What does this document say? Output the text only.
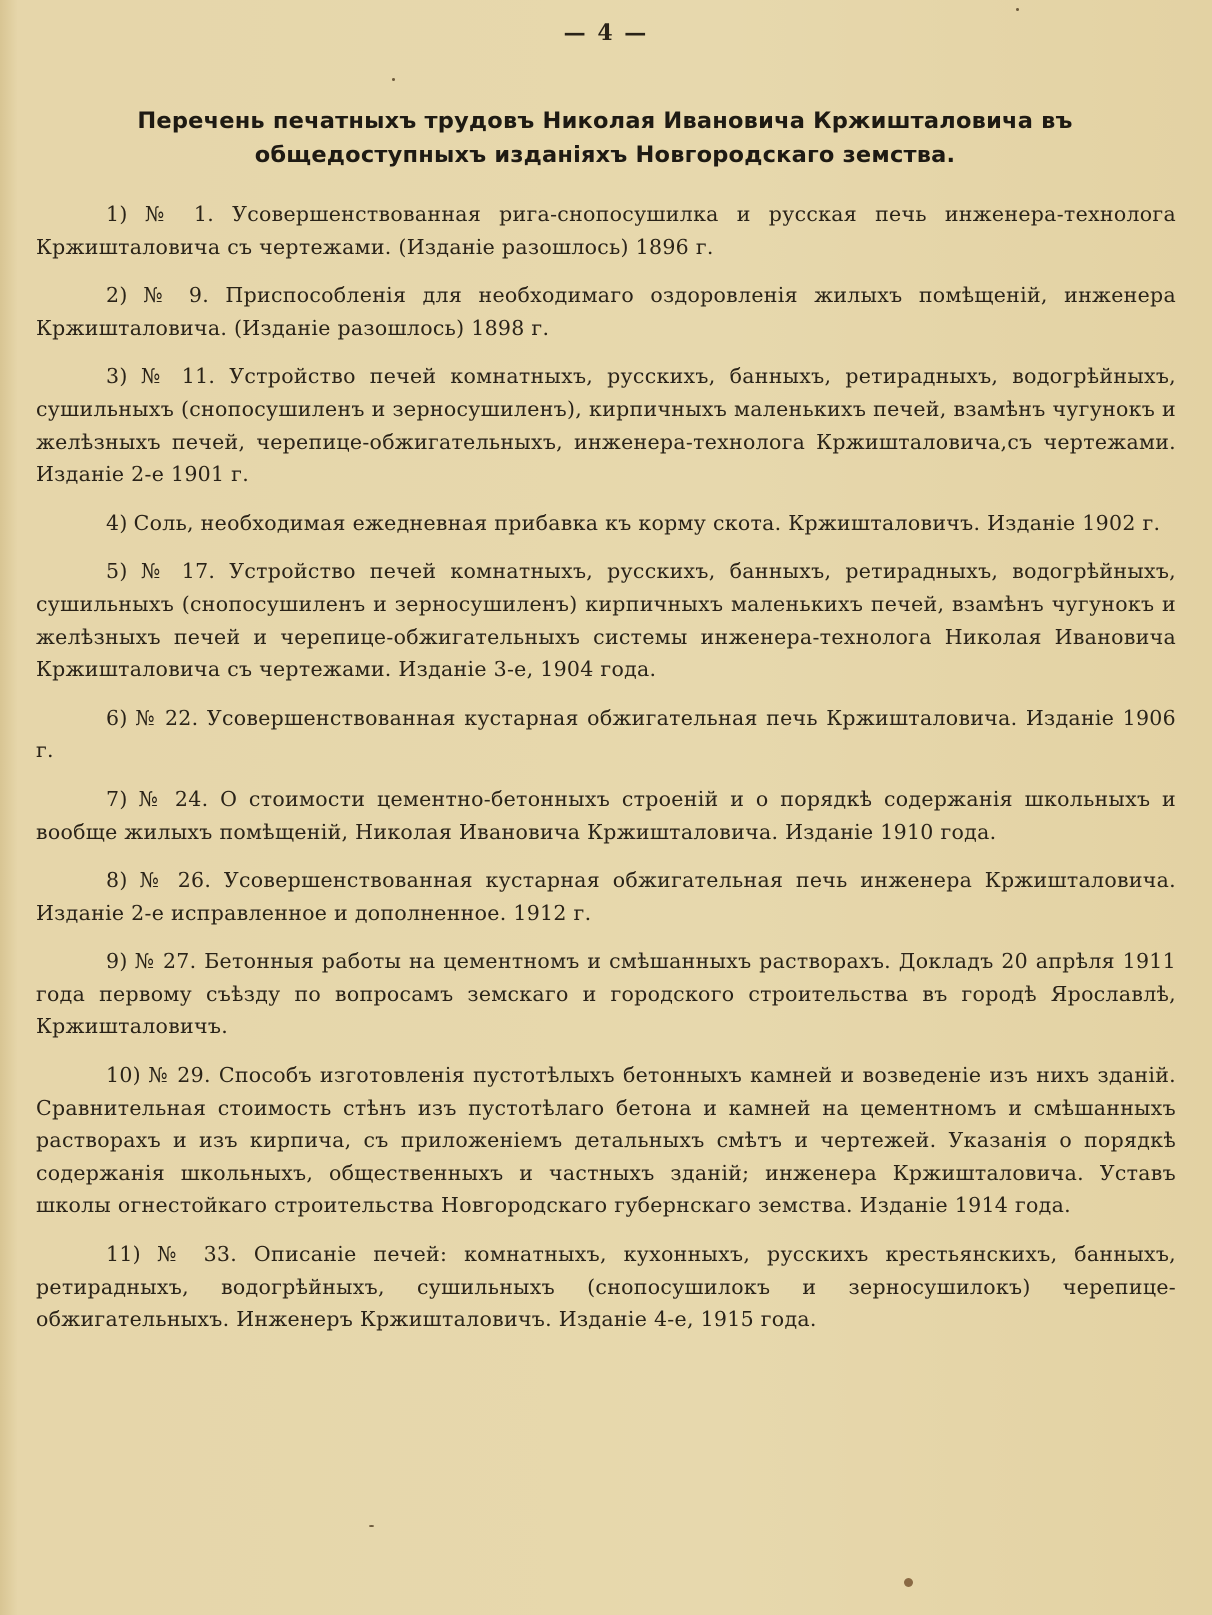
— 4 —
Перечень печатныхъ трудовъ Николая Ивановича Кржишталовича въ общедоступныхъ изданіяхъ Новгородскаго земства.

1) № 1. Усовершенствованная рига-снопосушилка и русская печь инженера-технолога Кржишталовича съ чертежами. (Изданіе разошлось) 1896 г.

2) № 9. Приспособленія для необходимаго оздоровленія жилыхъ помѣщеній, инженера Кржишталовича. (Изданіе разошлось) 1898 г.

3) № 11. Устройство печей комнатныхъ, русскихъ, банныхъ, ретирадныхъ, водогрѣйныхъ, сушильныхъ (снопосушиленъ и зерносушиленъ), кирпичныхъ маленькихъ печей, взамѣнъ чугунокъ и желѣзныхъ печей, черепице-обжигательныхъ, инженера-технолога Кржишталовича,съ чертежами. Изданіе 2-е 1901 г.

4) Соль, необходимая ежедневная прибавка къ корму скота. Кржишталовичъ. Изданіе 1902 г.

5) № 17. Устройство печей комнатныхъ, русскихъ, банныхъ, ретирадныхъ, водогрѣйныхъ, сушильныхъ (снопосушиленъ и зерносушиленъ) кирпичныхъ маленькихъ печей, взамѣнъ чугунокъ и желѣзныхъ печей и черепице-обжигательныхъ системы инженера-технолога Николая Ивановича Кржишталовича съ чертежами. Изданіе 3-е, 1904 года.

6) № 22. Усовершенствованная кустарная обжигательная печь Кржишталовича. Изданіе 1906 г.

7) № 24. О стоимости цементно-бетонныхъ строеній и о порядкѣ содержанія школьныхъ и вообще жилыхъ помѣщеній, Николая Ивановича Кржишталовича. Изданіе 1910 года.

8) № 26. Усовершенствованная кустарная обжигательная печь инженера Кржишталовича. Изданіе 2-е исправленное и дополненное. 1912 г.

9) № 27. Бетонныя работы на цементномъ и смѣшанныхъ растворахъ. Докладъ 20 апрѣля 1911 года первому съѣзду по вопросамъ земскаго и городского строительства въ городѣ Ярославлѣ, Кржишталовичъ.

10) № 29. Способъ изготовленія пустотѣлыхъ бетонныхъ камней и возведеніе изъ нихъ зданій. Сравнительная стоимость стѣнъ изъ пустотѣлаго бетона и камней на цементномъ и смѣшанныхъ растворахъ и изъ кирпича, съ приложеніемъ детальныхъ смѣтъ и чертежей. Указанія о порядкѣ содержанія школьныхъ, общественныхъ и частныхъ зданій; инженера Кржишталовича. Уставъ школы огнестойкаго строительства Новгородскаго губернскаго земства. Изданіе 1914 года.

11) № 33. Описаніе печей: комнатныхъ, кухонныхъ, русскихъ крестьянскихъ, банныхъ, ретирадныхъ, водогрѣйныхъ, сушильныхъ (снопосушилокъ и зерносушилокъ) черепице-обжигательныхъ. Инженеръ Кржишталовичъ. Изданіе 4-е, 1915 года.
